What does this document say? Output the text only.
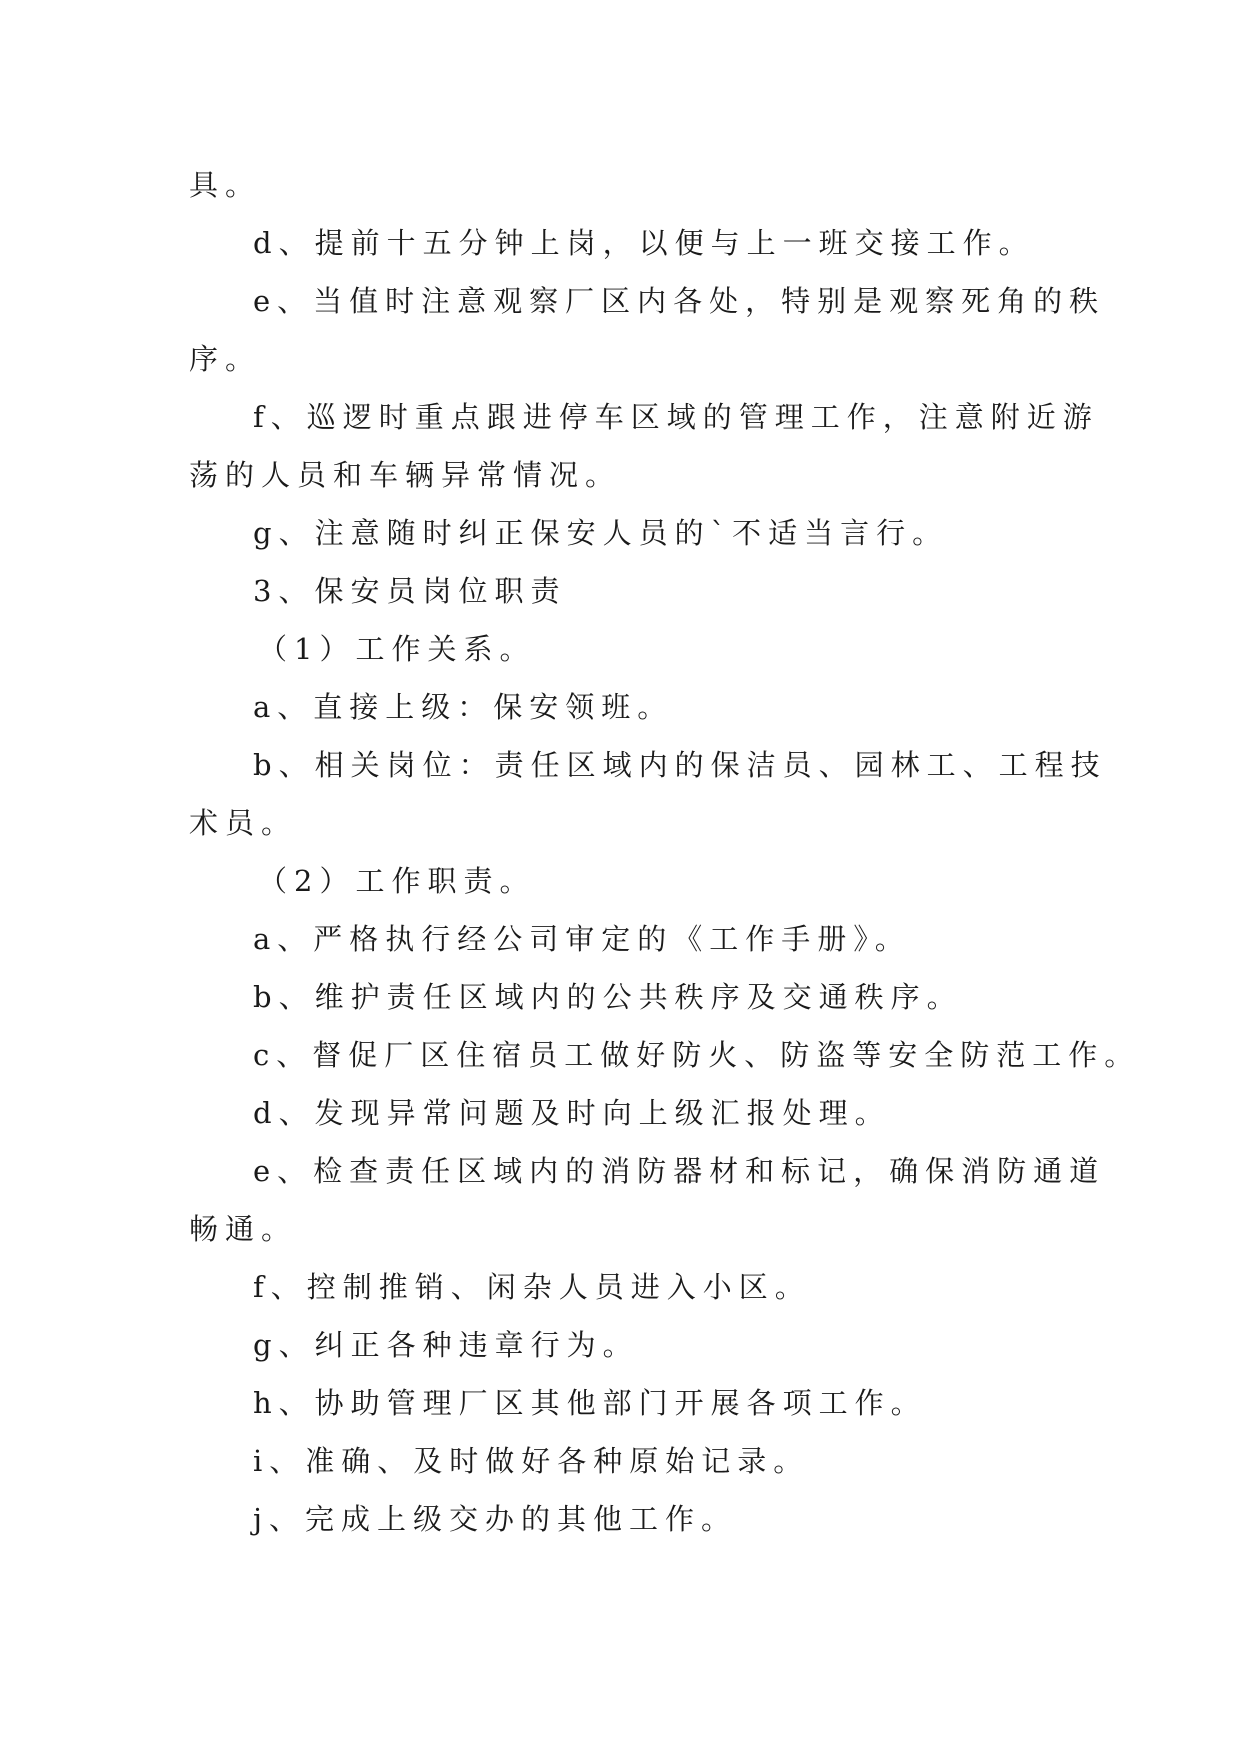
具。
d、提前十五分钟上岗，以便与上一班交接工作。
e、当值时注意观察厂区内各处，特别是观察死角的秩
序。
f、巡逻时重点跟进停车区域的管理工作，注意附近游
荡的人员和车辆异常情况。
g、注意随时纠正保安人员的`不适当言行。
3、保安员岗位职责
（1）工作关系。
a、直接上级：保安领班。
b、相关岗位：责任区域内的保洁员、园林工、工程技
术员。
（2）工作职责。
a、严格执行经公司审定的《工作手册》。
b、维护责任区域内的公共秩序及交通秩序。
c、督促厂区住宿员工做好防火、防盗等安全防范工作。
d、发现异常问题及时向上级汇报处理。
e、检查责任区域内的消防器材和标记，确保消防通道
畅通。
f、控制推销、闲杂人员进入小区。
g、纠正各种违章行为。
h、协助管理厂区其他部门开展各项工作。
i、准确、及时做好各种原始记录。
j、完成上级交办的其他工作。
